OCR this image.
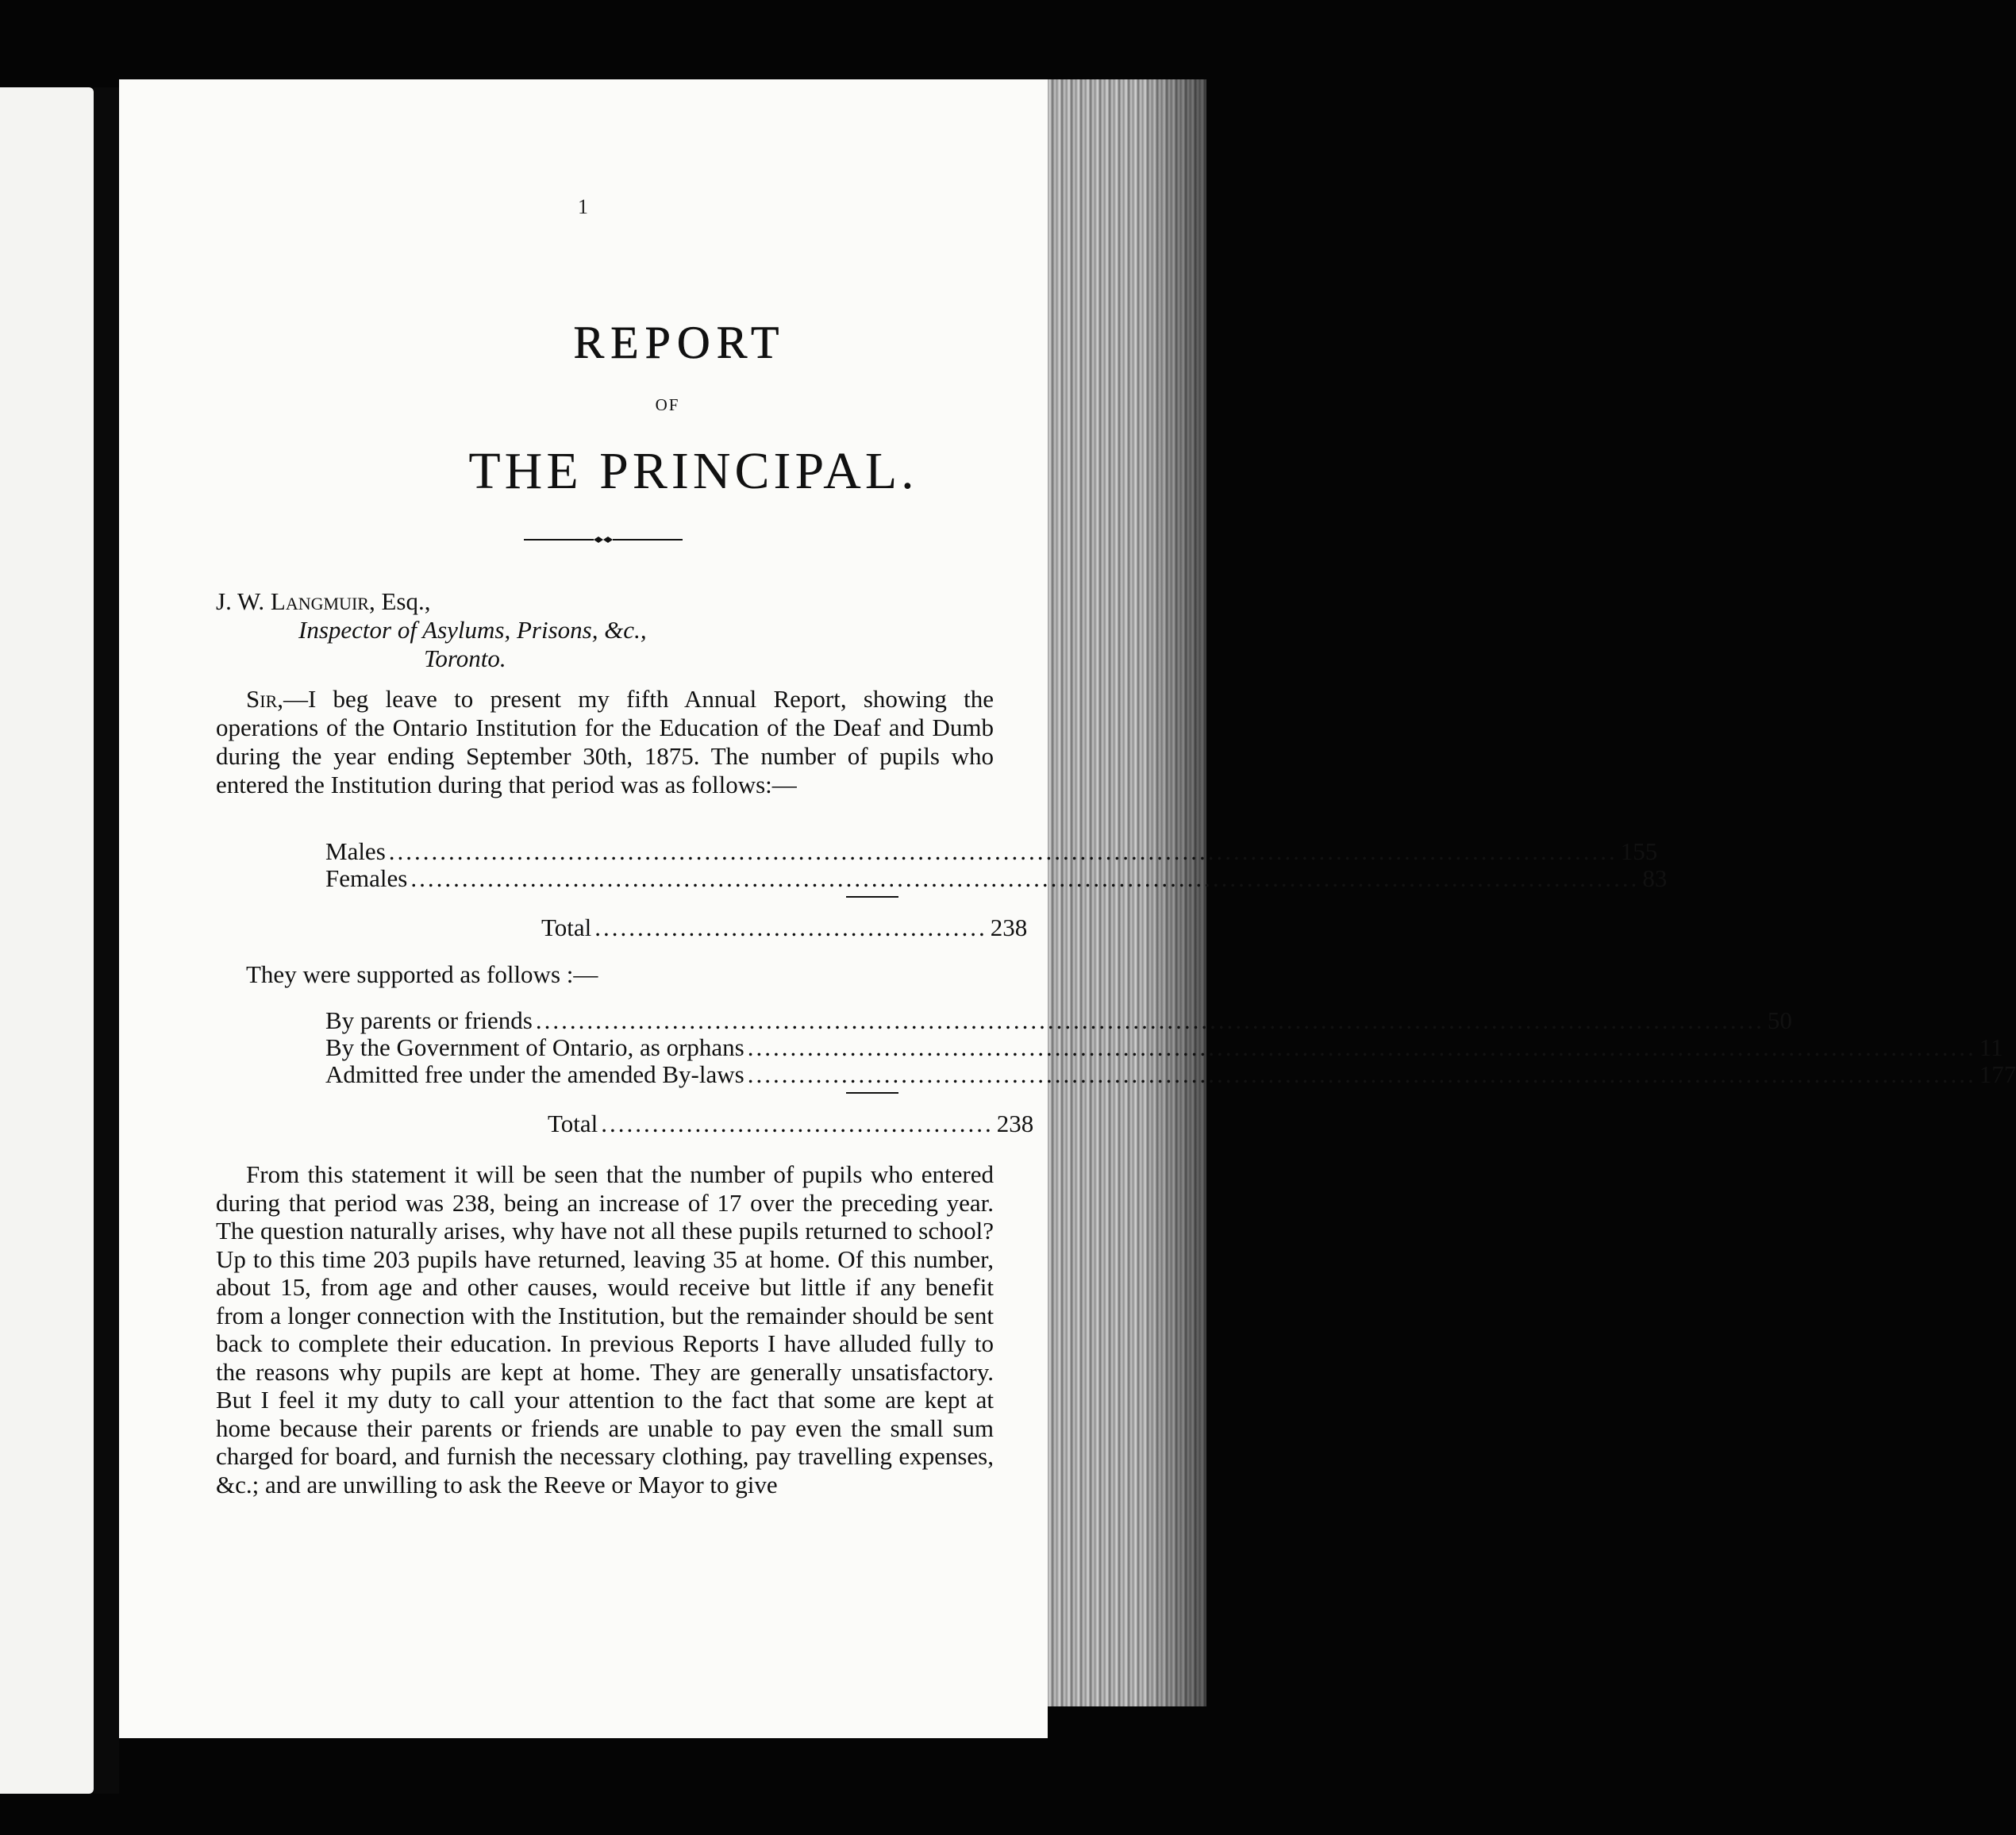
1
REPORT
OF
THE PRINCIPAL.
J. W. Langmuir, Esq.,
Inspector of Asylums, Prisons, &c.,
Toronto.
Sir,—I beg leave to present my fifth Annual Report, showing the operations of the Ontario Institution for the Education of the Deaf and Dumb during the year ending September 30th, 1875. The number of pupils who entered the Institution during that period was as follows:—
Males .....	155
Females .....	83
Total .............................................. 238
They were supported as follows :—
By parents or friends .....	50
By the Government of Ontario, as orphans .....	11
Admitted free under the amended By-laws .....	177
Total .............................................. 238
From this statement it will be seen that the number of pupils who entered during that period was 238, being an increase of 17 over the preceding year. The question naturally arises, why have not all these pupils returned to school? Up to this time 203 pupils have returned, leaving 35 at home. Of this number, about 15, from age and other causes, would receive but little if any benefit from a longer connection with the Institution, but the remainder should be sent back to complete their education. In previous Reports I have alluded fully to the reasons why pupils are kept at home. They are generally unsatisfactory. But I feel it my duty to call your attention to the fact that some are kept at home because their parents or friends are unable to pay even the small sum charged for board, and furnish the necessary clothing, pay travelling expenses, &c.; and are unwilling to ask the Reeve or Mayor to give
